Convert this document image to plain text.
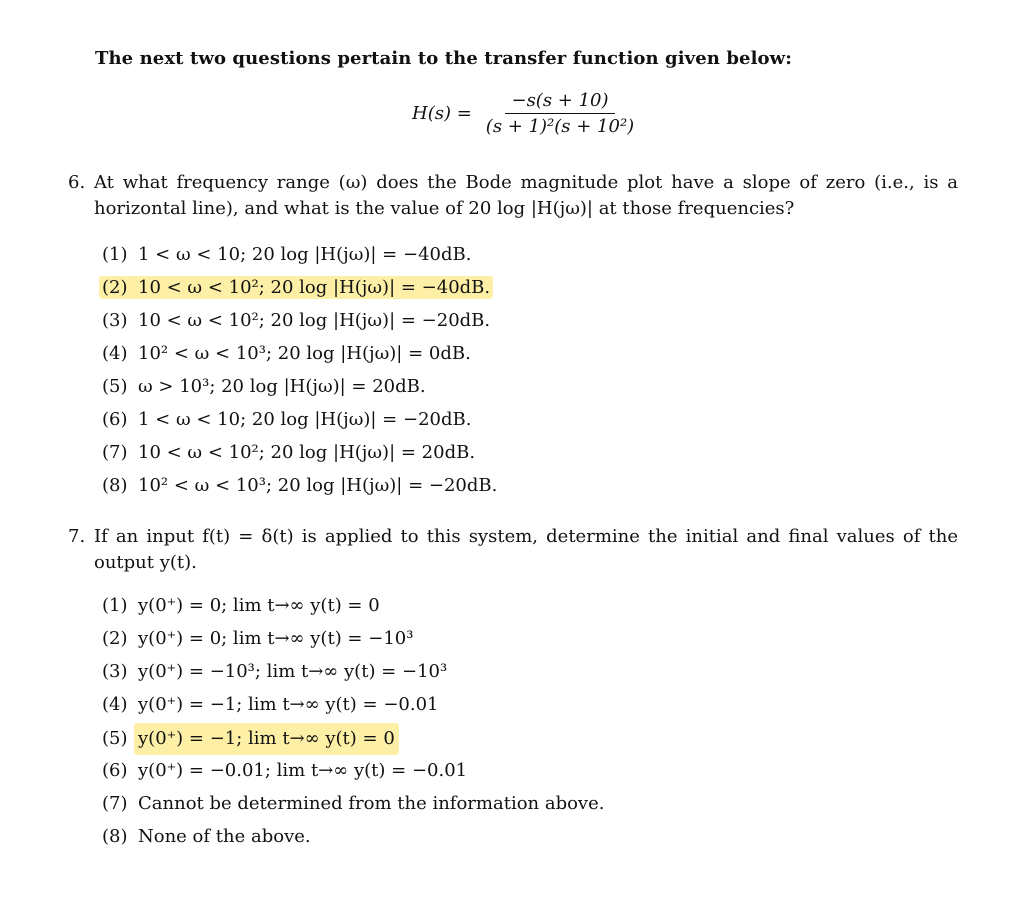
The next two questions pertain to the transfer function given below:
$H(s) = \frac{-s(s + 10)}{\text{(s + 1)²(s + 10²)}}$
6. At what frequency range (ω) does the Bode magnitude plot have a slope of zero (i.e., is a horizontal line), and what is the value of 20 log |H(jω)| at those frequencies?
(1) 1 < ω < 10; 20 log |H(jω)| = −40dB.
(2) 10 < ω < 10²; 20 log |H(jω)| = −40dB.
(3) 10 < ω < 10²; 20 log |H(jω)| = −20dB.
(4) 10² < ω < 10³; 20 log |H(jω)| = 0dB.
(5) ω > 10³; 20 log |H(jω)| = 20dB.
(6) 1 < ω < 10; 20 log |H(jω)| = −20dB.
(7) 10 < ω < 10²; 20 log |H(jω)| = 20dB.
(8) 10² < ω < 10³; 20 log |H(jω)| = −20dB.
7. If an input f(t) = δ(t) is applied to this system, determine the initial and final values of the output y(t).
(1) y(0⁺) = 0; lim t→∞ y(t) = 0
(2) y(0⁺) = 0; lim t→∞ y(t) = −10³
(3) y(0⁺) = −10³; lim t→∞ y(t) = −10³
(4) y(0⁺) = −1; lim t→∞ y(t) = −0.01
(5) y(0⁺) = −1; lim t→∞ y(t) = 0
(6) y(0⁺) = −0.01; lim t→∞ y(t) = −0.01
(7) Cannot be determined from the information above.
(8) None of the above.
